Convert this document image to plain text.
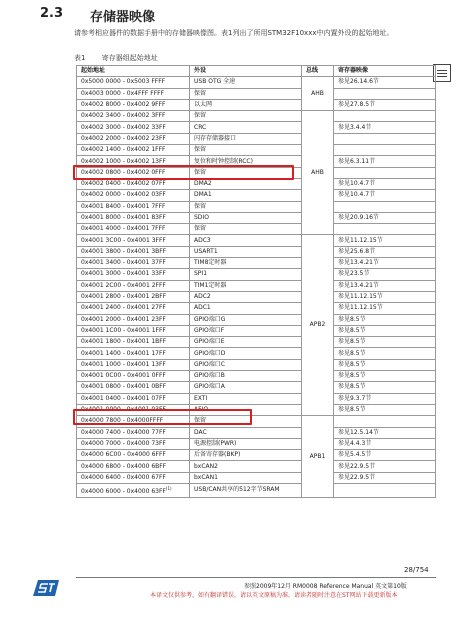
2.3 存储器映像
请参考相应器件的数据手册中的存储器映像图。表1列出了所用STM32F10xxx中内置外设的起始地址。
表1 寄存器组起始地址
起始地址	外设	总线	寄存器映像
0x5000 0000 - 0x5003 FFFF	USB OTG 全速	AHB	参见26.14.6节
0x4003 0000 - 0x4FFF FFFF	保留		
0x4002 8000 - 0x4002 9FFF	以太网		参见27.8.5节
0x4002 3400 - 0x4002 3FFF	保留	AHB	
0x4002 3000 - 0x4002 33FF	CRC		参见3.4.4节
0x4002 2000 - 0x4002 23FF	闪存存储器接口		
0x4002 1400 - 0x4002 1FFF	保留		
0x4002 1000 - 0x4002 13FF	复位和时钟控制(RCC)		参见6.3.11节
0x4002 0800 - 0x4002 0FFF	保留		
0x4002 0400 - 0x4002 07FF	DMA2		参见10.4.7节
0x4002 0000 - 0x4002 03FF	DMA1		参见10.4.7节
0x4001 8400 - 0x4001 7FFF	保留		
0x4001 8000 - 0x4001 83FF	SDIO		参见20.9.16节
0x4001 4000 - 0x4001 7FFF	保留		
0x4001 3C00 - 0x4001 3FFF	ADC3	APB2	参见11.12.15节
0x4001 3800 - 0x4001 3BFF	USART1		参见25.6.8节
0x4001 3400 - 0x4001 37FF	TIM8定时器		参见13.4.21节
0x4001 3000 - 0x4001 33FF	SPI1		参见23.5节
0x4001 2C00 - 0x4001 2FFF	TIM1定时器		参见13.4.21节
0x4001 2800 - 0x4001 2BFF	ADC2		参见11.12.15节
0x4001 2400 - 0x4001 27FF	ADC1		参见11.12.15节
0x4001 2000 - 0x4001 23FF	GPIO端口G		参见8.5节
0x4001 1C00 - 0x4001 1FFF	GPIO端口F		参见8.5节
0x4001 1800 - 0x4001 1BFF	GPIO端口E		参见8.5节
0x4001 1400 - 0x4001 17FF	GPIO端口D		参见8.5节
0x4001 1000 - 0x4001 13FF	GPIO端口C		参见8.5节
0x4001 0C00 - 0x4001 0FFF	GPIO端口B		参见8.5节
0x4001 0800 - 0x4001 0BFF	GPIO端口A		参见8.5节
0x4001 0400 - 0x4001 07FF	EXTI		参见9.3.7节
0x4001 0000 - 0x4001 03FF	AFIO		参见8.5节
0x4000 7800 - 0x4000FFFF	保留	APB1	
0x4000 7400 - 0x4000 77FF	DAC		参见12.5.14节
0x4000 7000 - 0x4000 73FF	电源控制(PWR)		参见4.4.3节
0x4000 6C00 - 0x4000 6FFF	后备寄存器(BKP)		参见5.4.5节
0x4000 6800 - 0x4000 6BFF	bxCAN2		参见22.9.5节
0x4000 6400 - 0x4000 67FF	bxCAN1		参见22.9.5节
0x4000 6000 - 0x4000 63FF$^{(1)}$	USB/CAN共享的512字节SRAM		
28/754
参照2009年12月 RM0008 Reference Manual 英文第10版
本译文仅供参考，如有翻译错误，请以英文原稿为准。请读者随时注意在ST网站下载更新版本
